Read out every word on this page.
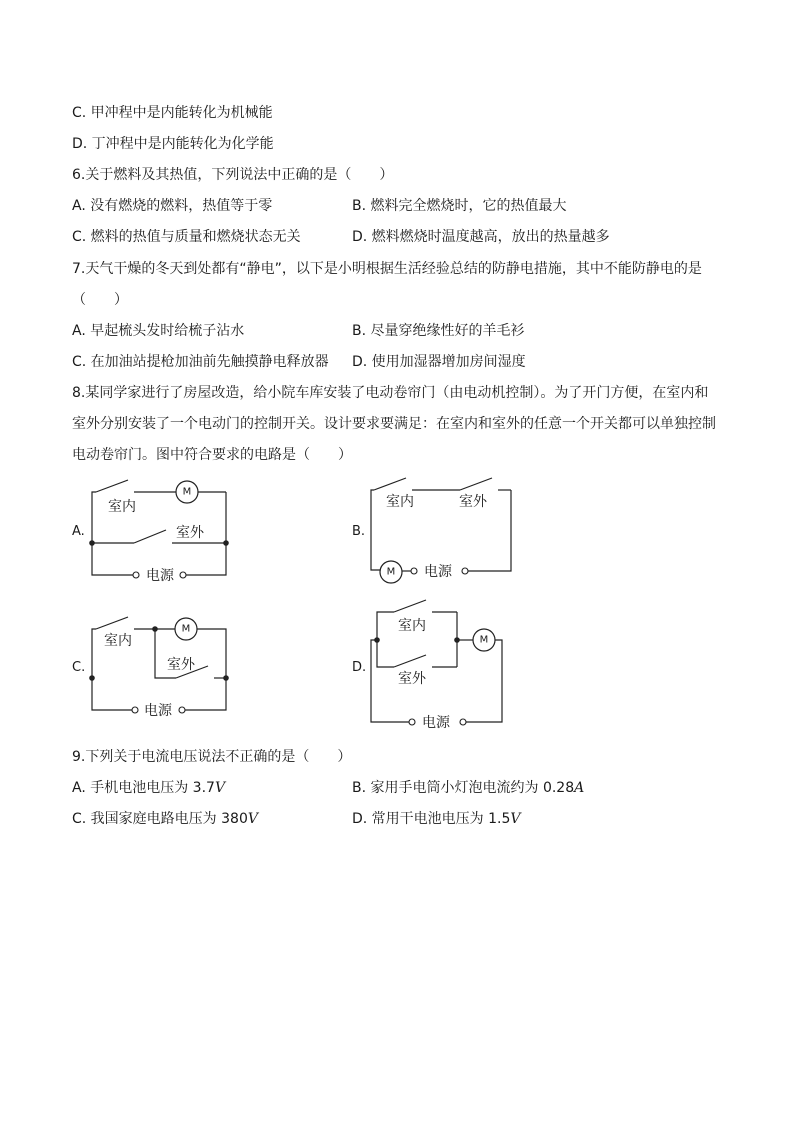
C. 甲冲程中是内能转化为机械能
D. 丁冲程中是内能转化为化学能
6.关于燃料及其热值，下列说法中正确的是（　　）
A. 没有燃烧的燃料，热值等于零	B. 燃料完全燃烧时，它的热值最大
C. 燃料的热值与质量和燃烧状态无关	D. 燃料燃烧时温度越高，放出的热量越多
7.天气干燥的冬天到处都有“静电”，以下是小明根据生活经验总结的防静电措施，其中不能防静电的是
（　　）
A. 早起梳头发时给梳子沾水	B. 尽量穿绝缘性好的羊毛衫
C. 在加油站提枪加油前先触摸静电释放器 D. 使用加湿器增加房间湿度
8.某同学家进行了房屋改造，给小院车库安装了电动卷帘门（由电动机控制）。为了开门方便，在室内和
室外分别安装了一个电动门的控制开关。设计要求要满足：在室内和室外的任意一个开关都可以单独控制
电动卷帘门。图中符合要求的电路是（　　）
A.
M
室内
室外
电源
B.
室内	室外
M 电源
C.
M
室内
室外
电源
D.
室内
室外
M
电源
9.下列关于电流电压说法不正确的是（　　）
A. 手机电池电压为 3.7V	B. 家用手电筒小灯泡电流约为 0.28A
C. 我国家庭电路电压为 380V	D. 常用干电池电压为 1.5V
